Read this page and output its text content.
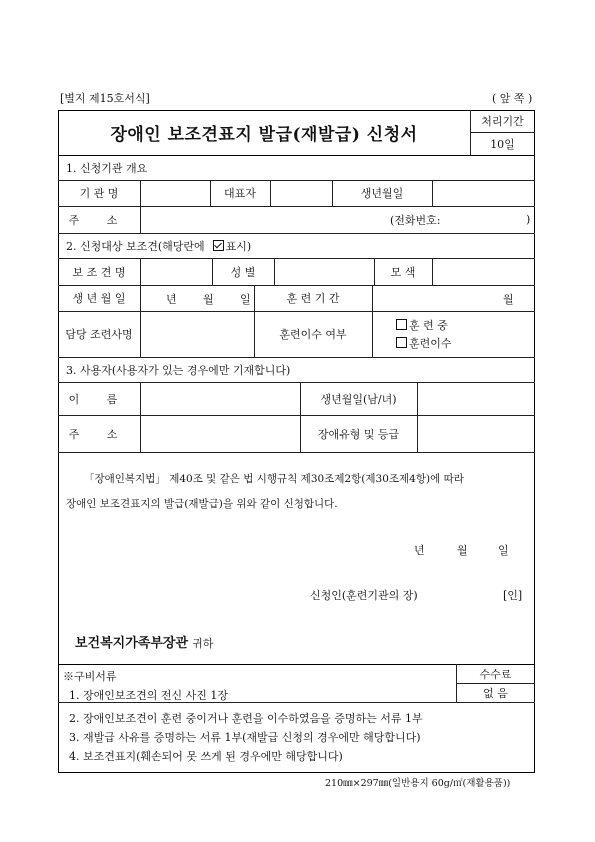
[별지 제15호서식]	( 앞 쪽 )
장애인 보조견표지 발급(재발급) 신청서
처리기간
10일
1. 신청기관 개요
기 관 명	대표자	생년월일
주 소	(전화번호:	)
2. 신청대상 보조견(해당란에 표시)
보 조 견 명	성 별	모 색
생 년 월 일	년 월 일	훈 련 기 간	월
담당 조련사명	훈련이수 여부
훈 련 중
훈련이수
3. 사용자(사용자가 있는 경우에만 기재합니다)
이 름	생년월일(남/녀)
주 소	장애유형 및 등급
「장애인복지법」 제40조 및 같은 법 시행규칙 제30조제2항(제30조제4항)에 따라
장애인 보조견표지의 발급(재발급)을 위와 같이 신청합니다.
년	월	일
신청인(훈련기관의 장)	[인]
보건복지가족부장관 귀하
※구비서류	수수료
없 음
1. 장애인보조견의 전신 사진 1장
2. 장애인보조견이 훈련 중이거나 훈련을 이수하였음을 증명하는 서류 1부
3. 재발급 사유를 증명하는 서류 1부(재발급 신청의 경우에만 해당합니다)
4. 보조견표지(훼손되어 못 쓰게 된 경우에만 해당합니다)
210㎜×297㎜(일반용지 60g/㎡(재활용품))
